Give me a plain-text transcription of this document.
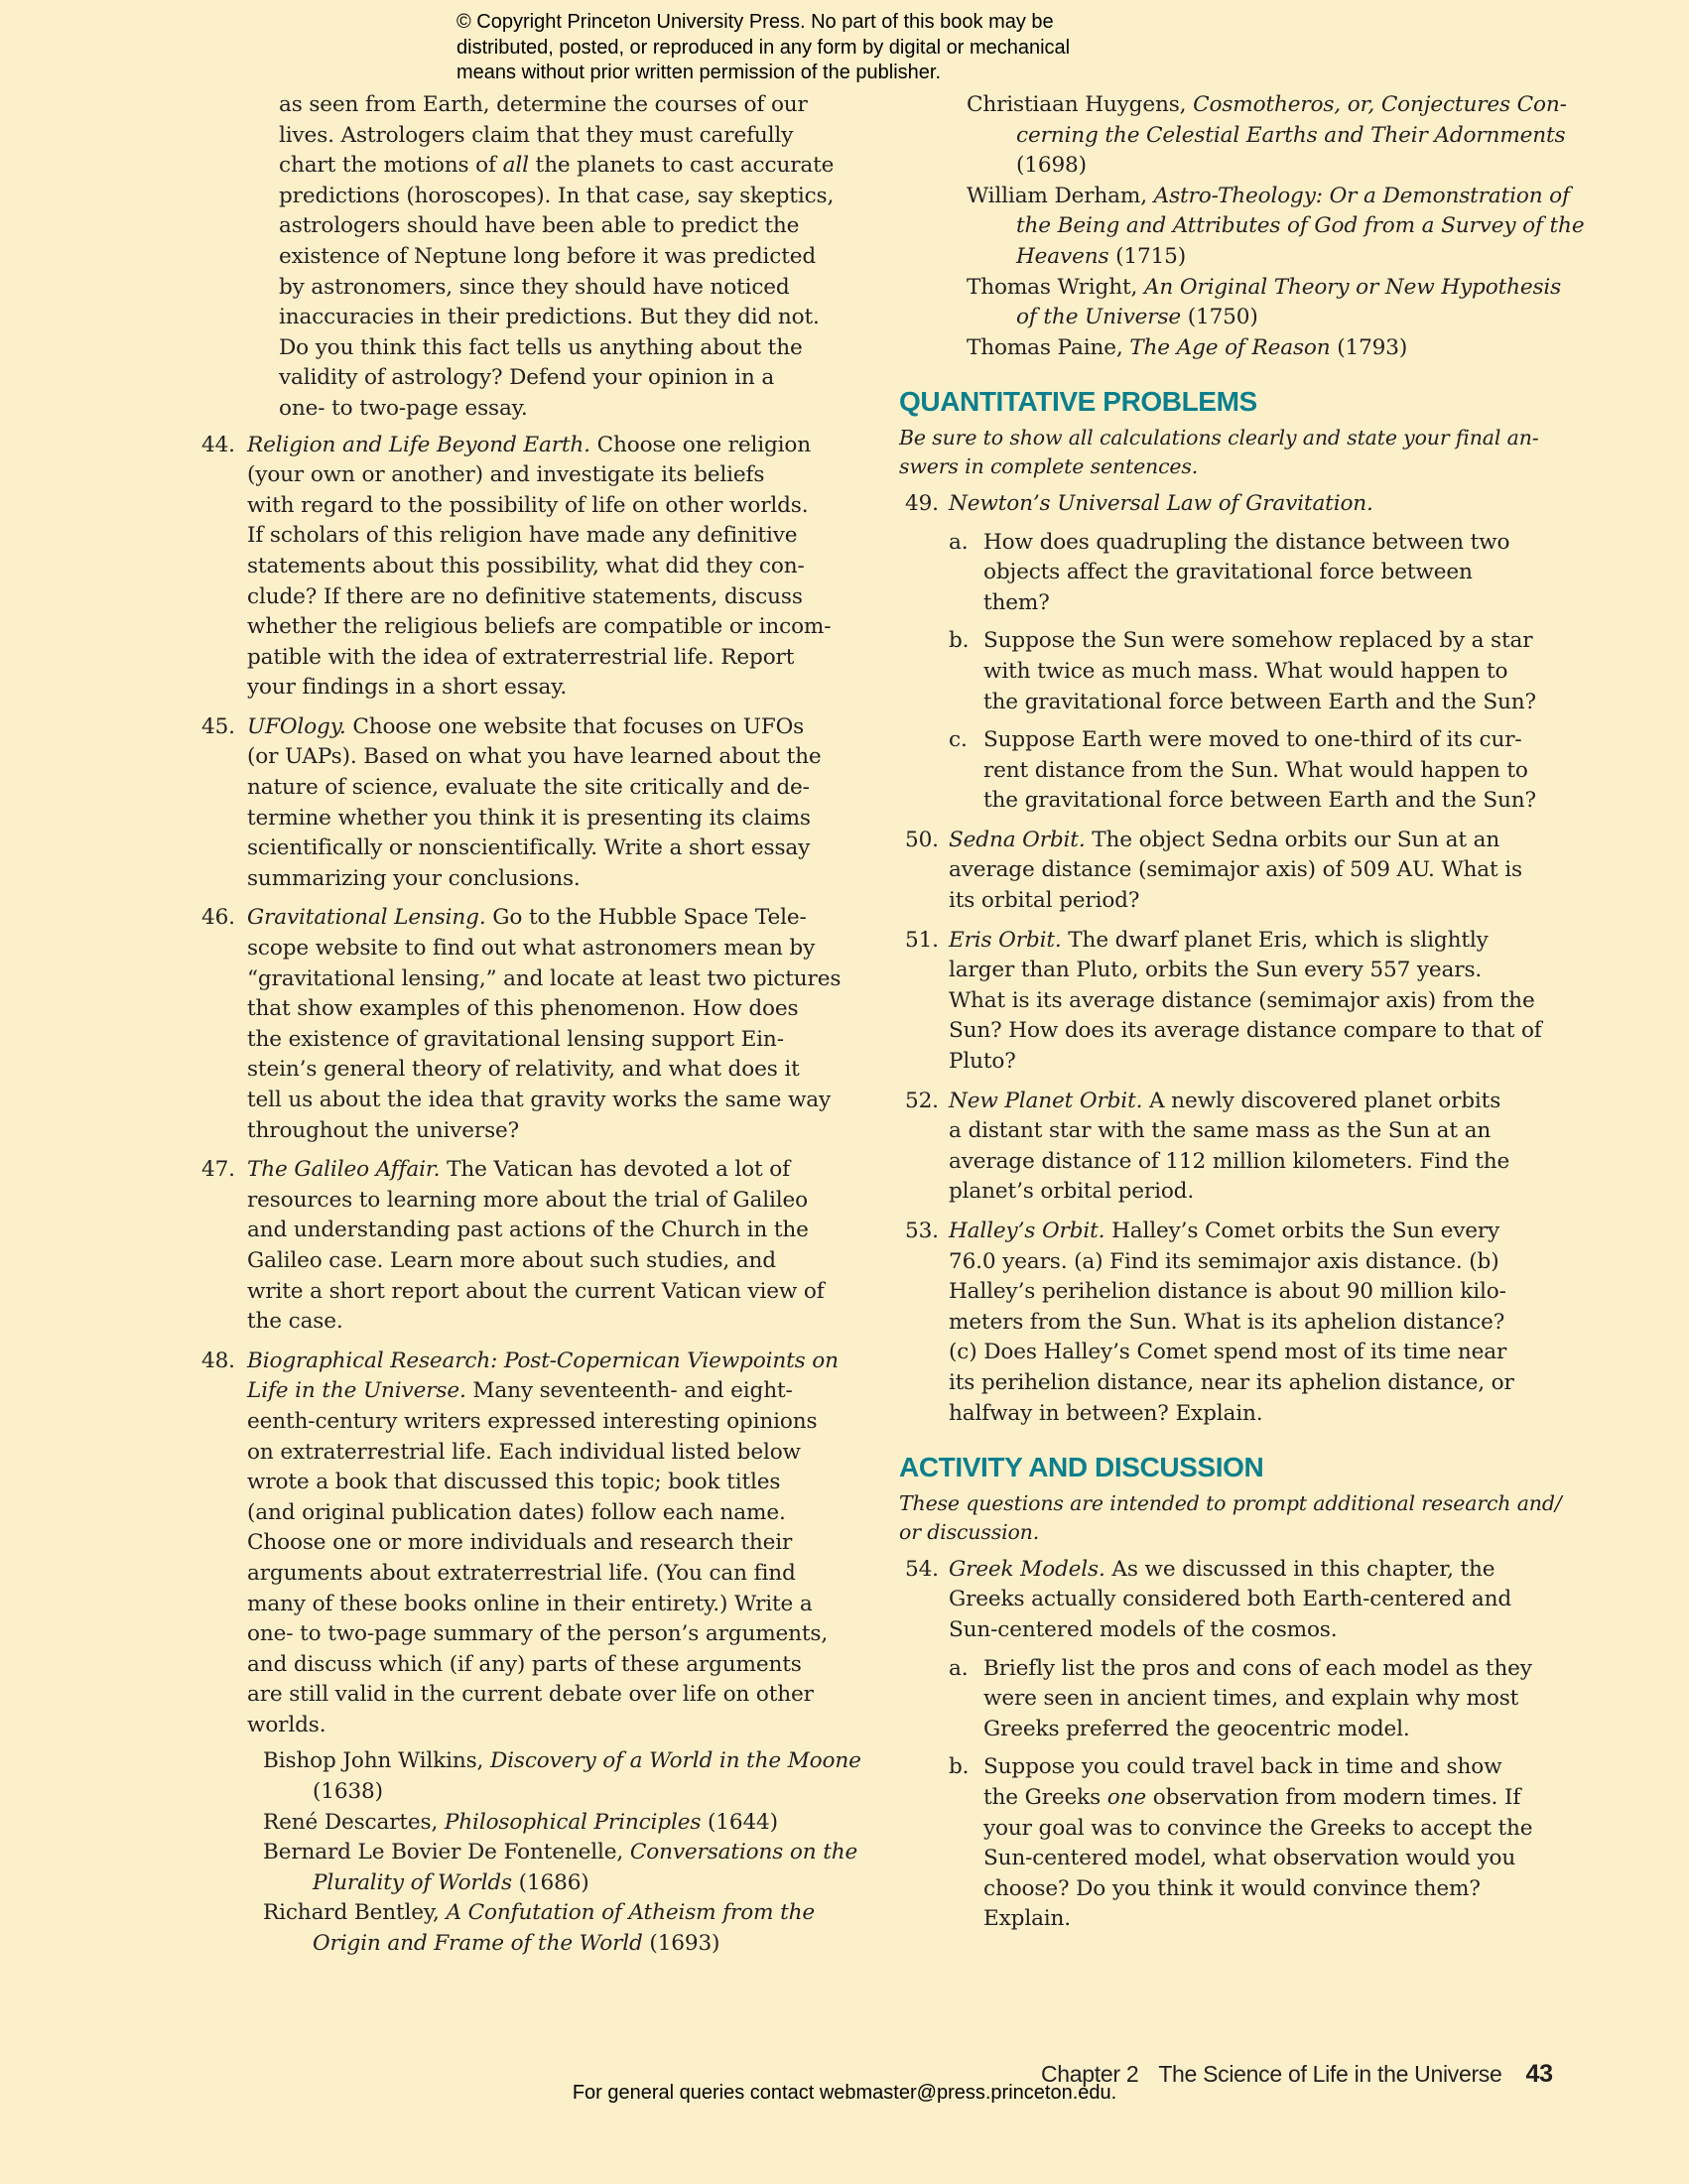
© Copyright Princeton University Press. No part of this book may be
distributed, posted, or reproduced in any form by digital or mechanical
means without prior written permission of the publisher.
as seen from Earth, determine the courses of our
lives. Astrologers claim that they must carefully
chart the motions of all the planets to cast accurate
predictions (horoscopes). In that case, say skeptics,
astrologers should have been able to predict the
existence of Neptune long before it was predicted
by astronomers, since they should have noticed
inaccuracies in their predictions. But they did not.
Do you think this fact tells us anything about the
validity of astrology? Defend your opinion in a
one- to two-page essay.
44. Religion and Life Beyond Earth. Choose one religion
(your own or another) and investigate its beliefs
with regard to the possibility of life on other worlds.
If scholars of this religion have made any definitive
statements about this possibility, what did they con-
clude? If there are no definitive statements, discuss
whether the religious beliefs are compatible or incom-
patible with the idea of extraterrestrial life. Report
your findings in a short essay.
45. UFOlogy. Choose one website that focuses on UFOs
(or UAPs). Based on what you have learned about the
nature of science, evaluate the site critically and de-
termine whether you think it is presenting its claims
scientifically or nonscientifically. Write a short essay
summarizing your conclusions.
46. Gravitational Lensing. Go to the Hubble Space Tele-
scope website to find out what astronomers mean by
“gravitational lensing,” and locate at least two pictures
that show examples of this phenomenon. How does
the existence of gravitational lensing support Ein-
stein’s general theory of relativity, and what does it
tell us about the idea that gravity works the same way
throughout the universe?
47. The Galileo Affair. The Vatican has devoted a lot of
resources to learning more about the trial of Galileo
and understanding past actions of the Church in the
Galileo case. Learn more about such studies, and
write a short report about the current Vatican view of
the case.
48. Biographical Research: Post-Copernican Viewpoints on
Life in the Universe. Many seventeenth- and eight-
eenth-century writers expressed interesting opinions
on extraterrestrial life. Each individual listed below
wrote a book that discussed this topic; book titles
(and original publication dates) follow each name.
Choose one or more individuals and research their
arguments about extraterrestrial life. (You can find
many of these books online in their entirety.) Write a
one- to two-page summary of the person’s arguments,
and discuss which (if any) parts of these arguments
are still valid in the current debate over life on other
worlds.
Bishop John Wilkins, Discovery of a World in the Moone
(1638)
René Descartes, Philosophical Principles (1644)
Bernard Le Bovier De Fontenelle, Conversations on the
Plurality of Worlds (1686)
Richard Bentley, A Confutation of Atheism from the
Origin and Frame of the World (1693)
Christiaan Huygens, Cosmotheros, or, Conjectures Con-
cerning the Celestial Earths and Their Adornments
(1698)
William Derham, Astro-Theology: Or a Demonstration of
the Being and Attributes of God from a Survey of the
Heavens (1715)
Thomas Wright, An Original Theory or New Hypothesis
of the Universe (1750)
Thomas Paine, The Age of Reason (1793)
QUANTITATIVE PROBLEMS
Be sure to show all calculations clearly and state your final an-
swers in complete sentences.
49. Newton’s Universal Law of Gravitation.
a. How does quadrupling the distance between two
objects affect the gravitational force between
them?
b. Suppose the Sun were somehow replaced by a star
with twice as much mass. What would happen to
the gravitational force between Earth and the Sun?
c. Suppose Earth were moved to one-third of its cur-
rent distance from the Sun. What would happen to
the gravitational force between Earth and the Sun?
50. Sedna Orbit. The object Sedna orbits our Sun at an
average distance (semimajor axis) of 509 AU. What is
its orbital period?
51. Eris Orbit. The dwarf planet Eris, which is slightly
larger than Pluto, orbits the Sun every 557 years.
What is its average distance (semimajor axis) from the
Sun? How does its average distance compare to that of
Pluto?
52. New Planet Orbit. A newly discovered planet orbits
a distant star with the same mass as the Sun at an
average distance of 112 million kilometers. Find the
planet’s orbital period.
53. Halley’s Orbit. Halley’s Comet orbits the Sun every
76.0 years. (a) Find its semimajor axis distance. (b)
Halley’s perihelion distance is about 90 million kilo-
meters from the Sun. What is its aphelion distance?
(c) Does Halley’s Comet spend most of its time near
its perihelion distance, near its aphelion distance, or
halfway in between? Explain.
ACTIVITY AND DISCUSSION
These questions are intended to prompt additional research and/
or discussion.
54. Greek Models. As we discussed in this chapter, the
Greeks actually considered both Earth-centered and
Sun-centered models of the cosmos.
a. Briefly list the pros and cons of each model as they
were seen in ancient times, and explain why most
Greeks preferred the geocentric model.
b. Suppose you could travel back in time and show
the Greeks one observation from modern times. If
your goal was to convince the Greeks to accept the
Sun-centered model, what observation would you
choose? Do you think it would convince them?
Explain.
Chapter 2 The Science of Life in the Universe 43
For general queries contact webmaster@press.princeton.edu.
